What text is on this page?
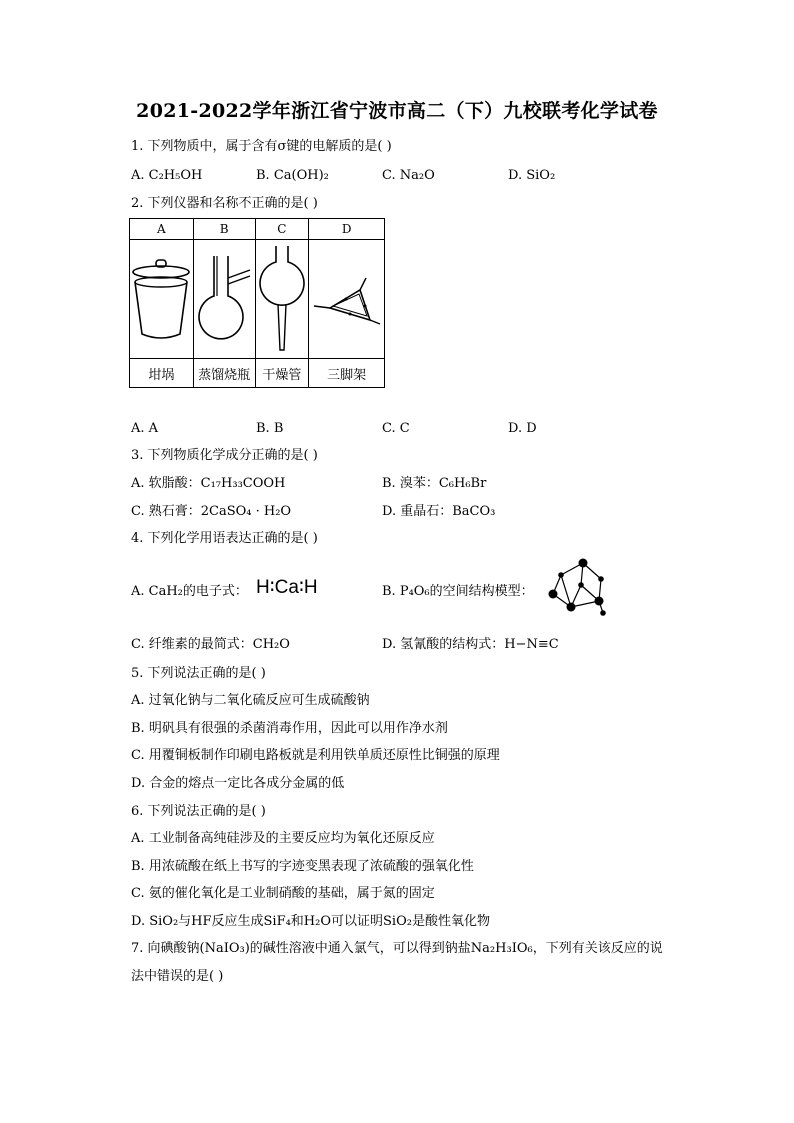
2021-2022学年浙江省宁波市高二（下）九校联考化学试卷
1. 下列物质中，属于含有σ键的电解质的是( )
A. C₂H₅OH	B. Ca(OH)₂	C. Na₂O	D. SiO₂
2. 下列仪器和名称不正确的是( )
A	B	C	D

坩埚	蒸馏烧瓶	干燥管	三脚架
A. A	B. B	C. C	D. D
3. 下列物质化学成分正确的是( )
A. 软脂酸：C₁₇H₃₃COOH	B. 溴苯：C₆H₆Br
C. 熟石膏：2CaSO₄ · H₂O	D. 重晶石：BaCO₃
4. 下列化学用语表达正确的是( )
A. CaH₂的电子式： H∶Ca∶H	B. P₄O₆的空间结构模型：
C. 纤维素的最简式：CH₂O	D. 氢氰酸的结构式：H−N≡C
5. 下列说法正确的是( )
A. 过氧化钠与二氧化硫反应可生成硫酸钠
B. 明矾具有很强的杀菌消毒作用，因此可以用作净水剂
C. 用覆铜板制作印刷电路板就是利用铁单质还原性比铜强的原理
D. 合金的熔点一定比各成分金属的低
6. 下列说法正确的是( )
A. 工业制备高纯硅涉及的主要反应均为氧化还原反应
B. 用浓硫酸在纸上书写的字迹变黑表现了浓硫酸的强氧化性
C. 氨的催化氧化是工业制硝酸的基础，属于氮的固定
D. SiO₂与HF反应生成SiF₄和H₂O可以证明SiO₂是酸性氧化物
7. 向碘酸钠(NaIO₃)的碱性溶液中通入氯气，可以得到钠盐Na₂H₃IO₆，下列有关该反应的说
法中错误的是( )
